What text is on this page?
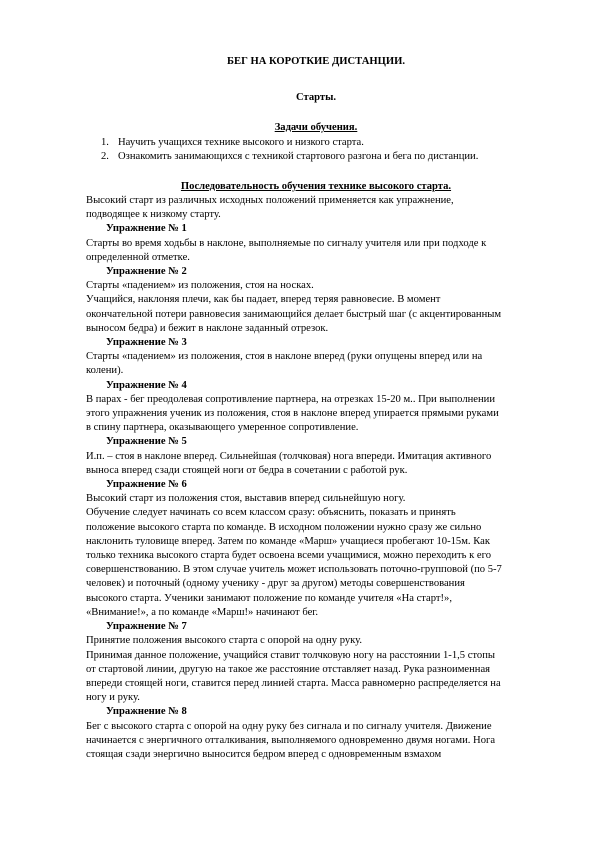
БЕГ НА КОРОТКИЕ ДИСТАНЦИИ.
Старты.
Задачи обучения.
1. Научить учащихся технике высокого и низкого старта.
2. Ознакомить занимающихся с техникой стартового разгона и бега по дистанции.
Последовательность обучения технике высокого старта.
Высокий старт из различных исходных положений применяется как упражнение,
подводящее к низкому старту.
Упражнение № 1
Старты во время ходьбы в наклоне, выполняемые по сигналу учителя или при подходе к
определенной отметке.
Упражнение № 2
Старты «падением» из положения, стоя на носках.
Учащийся, наклоняя плечи, как бы падает, вперед теряя равновесие. В момент
окончательной потери равновесия занимающийся делает быстрый шаг (с акцентированным
выносом бедра) и бежит в наклоне заданный отрезок.
Упражнение № 3
Старты «падением» из положения, стоя в наклоне вперед (руки опущены вперед или на
колени).
Упражнение № 4
В парах - бег преодолевая сопротивление партнера, на отрезках 15-20 м.. При выполнении
этого упражнения ученик из положения, стоя в наклоне вперед упирается прямыми руками
в спину партнера, оказывающего умеренное сопротивление.
Упражнение № 5
И.п. – стоя в наклоне вперед. Сильнейшая (толчковая) нога впереди. Имитация активного
выноса вперед сзади стоящей ноги от бедра в сочетании с работой рук.
Упражнение № 6
Высокий старт из положения стоя, выставив вперед сильнейшую ногу.
Обучение следует начинать со всем классом сразу: объяснить, показать и принять
положение высокого старта по команде. В исходном положении нужно сразу же сильно
наклонить туловище вперед. Затем по команде «Марш» учащиеся пробегают 10-15м. Как
только техника высокого старта будет освоена всеми учащимися, можно переходить к его
совершенствованию. В этом случае учитель может использовать поточно-групповой (по 5-7
человек) и поточный (одному ученику - друг за другом) методы совершенствования
высокого старта. Ученики занимают положение по команде учителя «На старт!»,
«Внимание!», а по команде «Марш!» начинают бег.
Упражнение № 7
Принятие положения высокого старта с опорой на одну руку.
Принимая данное положение, учащийся ставит толчковую ногу на расстоянии 1-1,5 стопы
от стартовой линии, другую на такое же расстояние отставляет назад. Рука разноименная
впереди стоящей ноги, ставится перед линией старта. Масса равномерно распределяется на
ногу и руку.
Упражнение № 8
Бег с высокого старта с опорой на одну руку без сигнала и по сигналу учителя. Движение
начинается с энергичного отталкивания, выполняемого одновременно двумя ногами. Нога
стоящая сзади энергично выносится бедром вперед с одновременным взмахом
